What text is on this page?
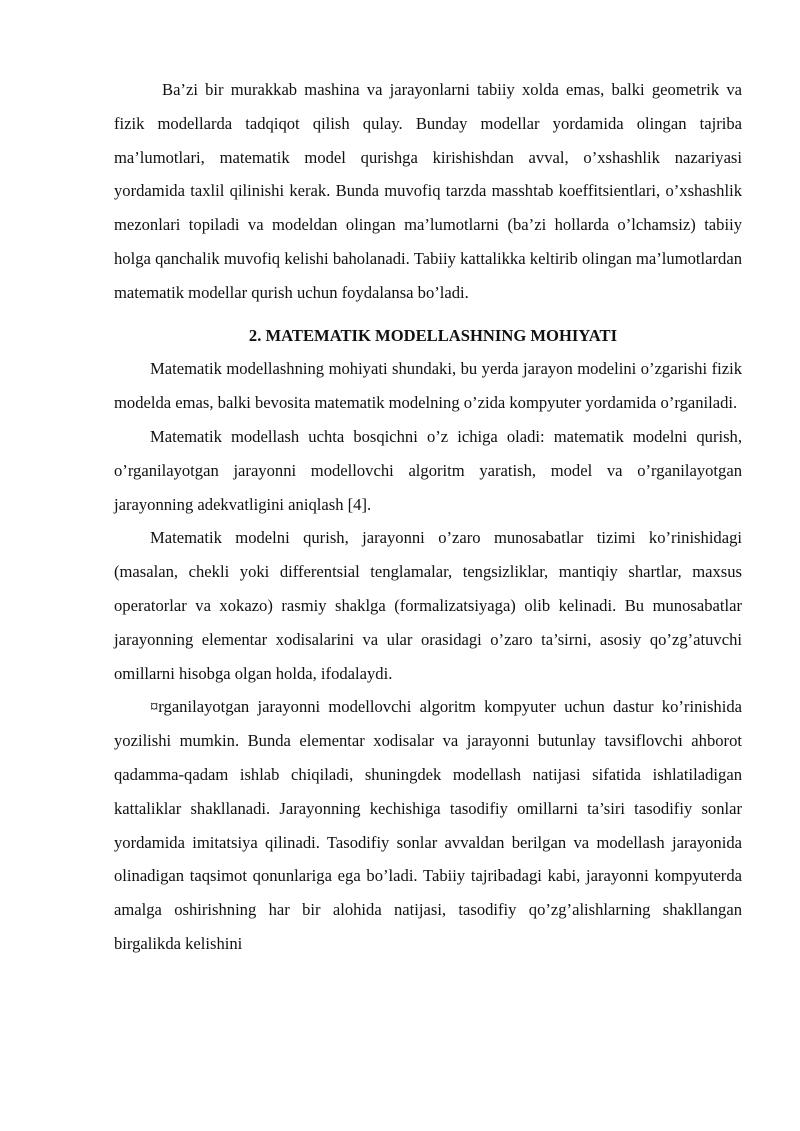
Ba’zi bir murakkab mashina va jarayonlarni tabiiy xolda emas, balki geometrik va fizik modellarda tadqiqot qilish qulay. Bunday modellar yordamida olingan tajriba ma’lumotlari, matematik model qurishga kirishishdan avval, o’xshashlik nazariyasi yordamida taxlil qilinishi kerak. Bunda muvofiq tarzda masshtab koeffitsientlari, o’xshashlik mezonlari topiladi va modeldan olingan ma’lumotlarni (ba’zi hollarda o’lchamsiz) tabiiy holga qanchalik muvofiq kelishi baholanadi. Tabiiy kattalikka keltirib olingan ma’lumotlardan matematik modellar qurish uchun foydalansa bo’ladi.

2. MATEMATIK MODELLASHNING MOHIYATI

Matematik modellashning mohiyati shundaki, bu yerda jarayon modelini o’zgarishi fizik modelda emas, balki bevosita matematik modelning o’zida kompyuter yordamida o’rganiladi.

Matematik modellash uchta bosqichni o’z ichiga oladi: matematik modelni qurish, o’rganilayotgan jarayonni modellovchi algoritm yaratish, model va o’rganilayotgan jarayonning adekvatligini aniqlash [4].

Matematik modelni qurish, jarayonni o’zaro munosabatlar tizimi ko’rinishidagi (masalan, chekli yoki differentsial tenglamalar, tengsizliklar, mantiqiy shartlar, maxsus operatorlar va xokazo) rasmiy shaklga (formalizatsiyaga) olib kelinadi. Bu munosabatlar jarayonning elementar xodisalarini va ular orasidagi o’zaro ta’sirni, asosiy qo’zg’atuvchi omillarni hisobga olgan holda, ifodalaydi.

¤rganilayotgan jarayonni modellovchi algoritm kompyuter uchun dastur ko’rinishida yozilishi mumkin. Bunda elementar xodisalar va jarayonni butunlay tavsiflovchi ahborot qadamma-qadam ishlab chiqiladi, shuningdek modellash natijasi sifatida ishlatiladigan kattaliklar shakllanadi. Jarayonning kechishiga tasodifiy omillarni ta’siri tasodifiy sonlar yordamida imitatsiya qilinadi. Tasodifiy sonlar avvaldan berilgan va modellash jarayonida olinadigan taqsimot qonunlariga ega bo’ladi. Tabiiy tajribadagi kabi, jarayonni kompyuterda amalga oshirishning har bir alohida natijasi, tasodifiy qo’zg’alishlarning shakllangan birgalikda kelishini
